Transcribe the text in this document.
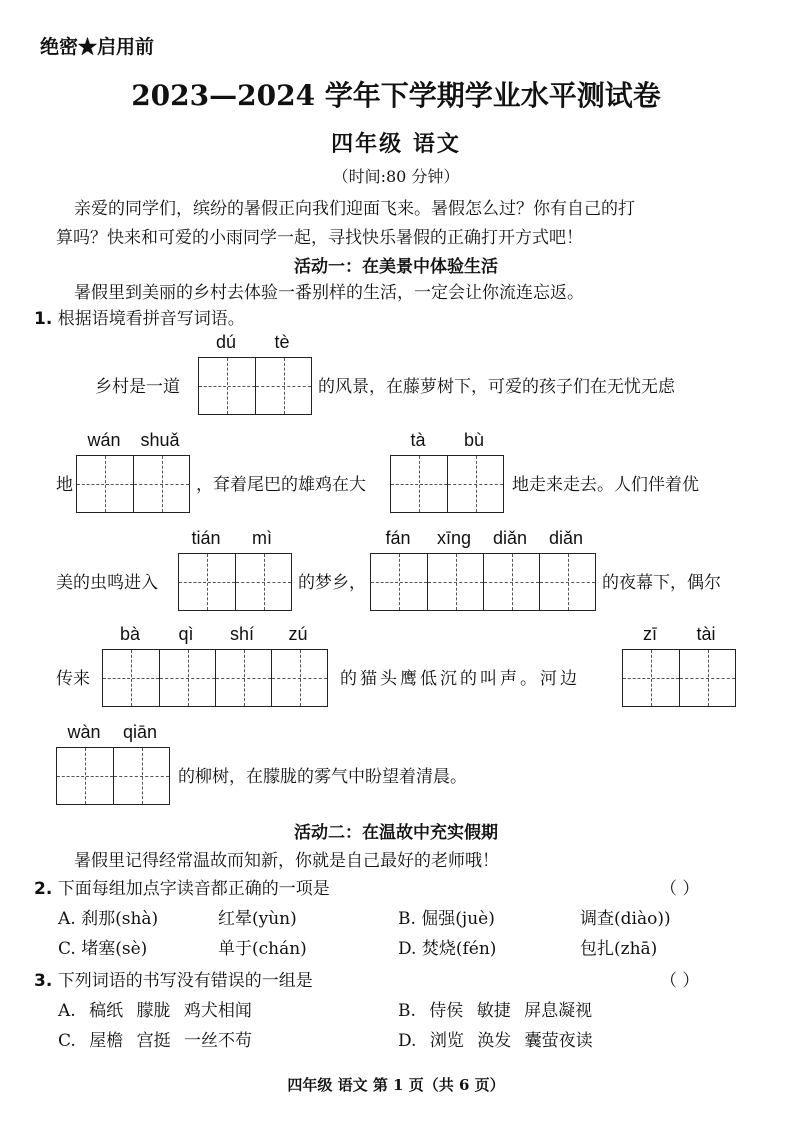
绝密★启用前
2023—2024 学年下学期学业水平测试卷
四年级 语文
（时间:80 分钟）
亲爱的同学们，缤纷的暑假正向我们迎面飞来。暑假怎么过？你有自己的打
算吗？快来和可爱的小雨同学一起，寻找快乐暑假的正确打开方式吧！
活动一：在美景中体验生活
暑假里到美丽的乡村去体验一番别样的生活，一定会让你流连忘返。
1. 根据语境看拼音写词语。
dú	tè
乡村是一道	的风景，在藤萝树下，可爱的孩子们在无忧无虑
wán	shuǎ
地	，耷着尾巴的雄鸡在大
tà	bù
地走来走去。人们伴着优
tián	mì
美的虫鸣进入	的梦乡，
fán	xīng	diǎn	diǎn
的夜幕下，偶尔
bà	qì	shí	zú
传来	的猫头鹰低沉的叫声。河边
zī	tài
wàn	qiān
的柳树，在朦胧的雾气中盼望着清晨。
活动二：在温故中充实假期
暑假里记得经常温故而知新，你就是自己最好的老师哦！
2. 下面每组加点字读音都正确的一项是	（ ）
A. 刹那(shà)	红晕(yùn)	B. 倔强(juè)	调查(diào))
C. 堵塞(sè)	单于(chán)	D. 焚烧(fén)	包扎(zhā)
3. 下列词语的书写没有错误的一组是	（ ）
A. 稿纸 朦胧 鸡犬相闻	B. 侍侯 敏捷 屏息凝视
C. 屋檐 宫挺 一丝不苟	D. 浏览 涣发 囊萤夜读
四年级 语文 第 1 页（共 6 页）
